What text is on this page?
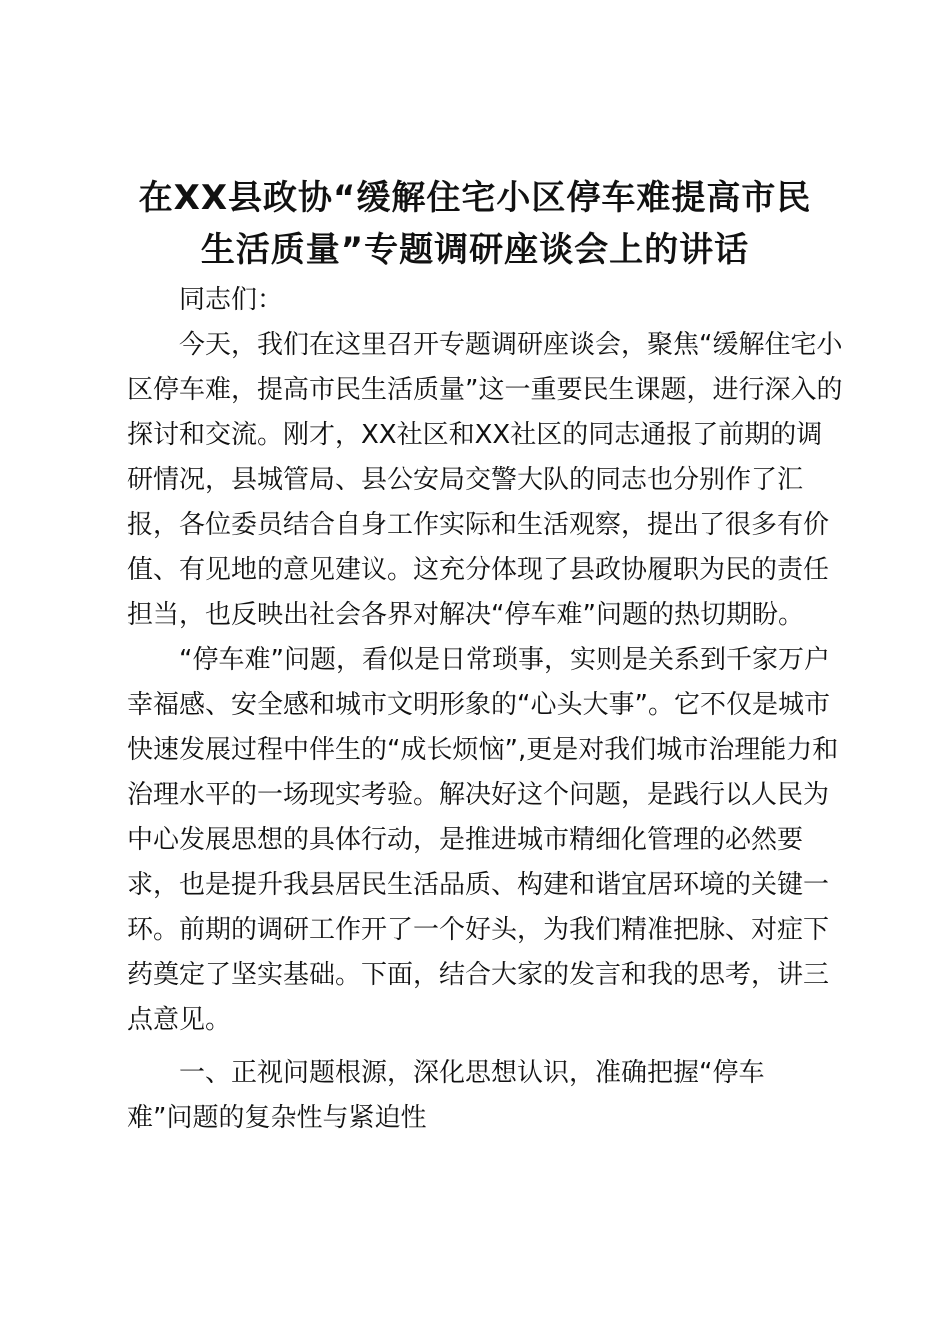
在XX县政协“缓解住宅小区停车难提高市民
生活质量”专题调研座谈会上的讲话

同志们：

今天，我们在这里召开专题调研座谈会，聚焦“缓解住宅小
区停车难，提高市民生活质量”这一重要民生课题，进行深入的
探讨和交流。刚才，XX社区和XX社区的同志通报了前期的调
研情况，县城管局、县公安局交警大队的同志也分别作了汇
报，各位委员结合自身工作实际和生活观察，提出了很多有价
值、有见地的意见建议。这充分体现了县政协履职为民的责任
担当，也反映出社会各界对解决“停车难”问题的热切期盼。

“停车难”问题，看似是日常琐事，实则是关系到千家万户
幸福感、安全感和城市文明形象的“心头大事”。它不仅是城市
快速发展过程中伴生的“成长烦恼”,更是对我们城市治理能力和
治理水平的一场现实考验。解决好这个问题，是践行以人民为
中心发展思想的具体行动，是推进城市精细化管理的必然要
求，也是提升我县居民生活品质、构建和谐宜居环境的关键一
环。前期的调研工作开了一个好头，为我们精准把脉、对症下
药奠定了坚实基础。下面，结合大家的发言和我的思考，讲三
点意见。

一、正视问题根源，深化思想认识，准确把握“停车
难”问题的复杂性与紧迫性
